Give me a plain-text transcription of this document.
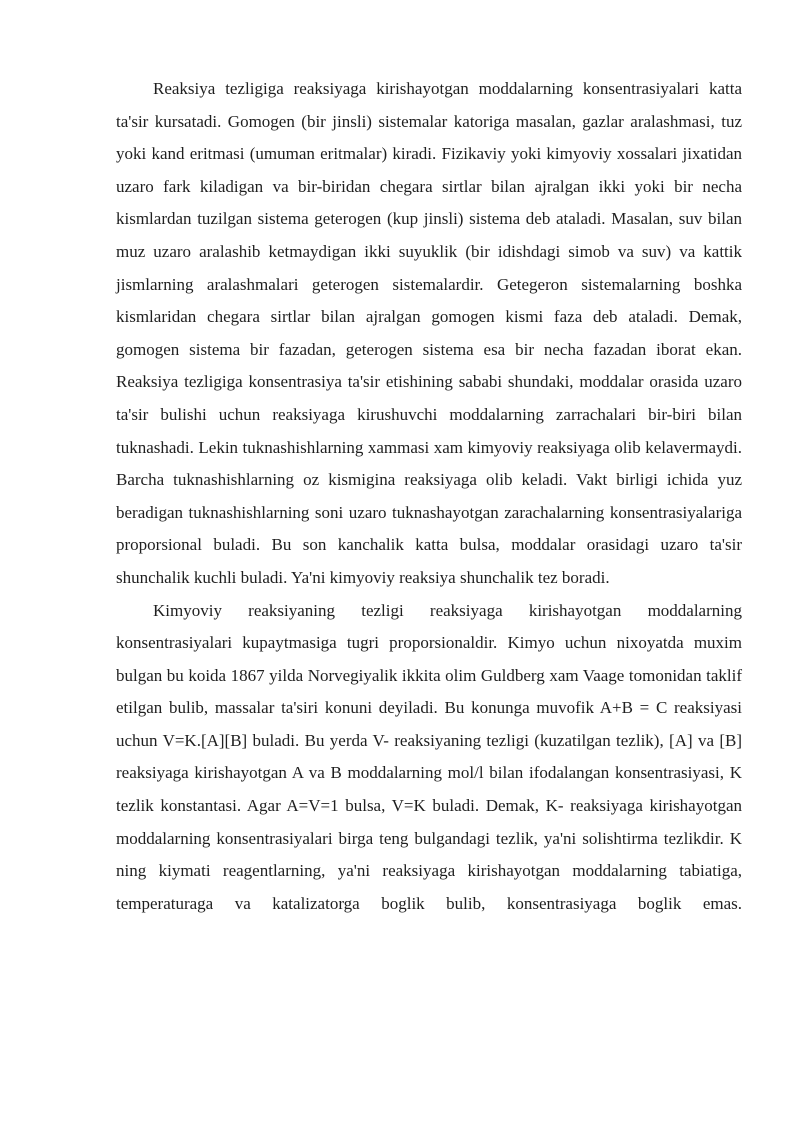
Reaksiya tezligiga reaksiyaga kirishayotgan moddalarning konsentrasiyalari katta ta'sir kursatadi. Gomogen (bir jinsli) sistemalar katoriga masalan, gazlar aralashmasi, tuz yoki kand eritmasi (umuman eritmalar) kiradi. Fizikaviy yoki kimyoviy xossalari jixatidan uzaro fark kiladigan va bir-biridan chegara sirtlar bilan ajralgan ikki yoki bir necha kismlardan tuzilgan sistema geterogen (kup jinsli) sistema deb ataladi. Masalan, suv bilan muz uzaro aralashib ketmaydigan ikki suyuklik (bir idishdagi simob va suv) va kattik jismlarning aralashmalari geterogen sistemalardir. Getegeron sistemalarning boshka kismlaridan chegara sirtlar bilan ajralgan gomogen kismi faza deb ataladi. Demak, gomogen sistema bir fazadan, geterogen sistema esa bir necha fazadan iborat ekan. Reaksiya tezligiga konsentrasiya ta'sir etishining sababi shundaki, moddalar orasida uzaro ta'sir bulishi uchun reaksiyaga kirushuvchi moddalarning zarrachalari bir-biri bilan tuknashadi. Lekin tuknashishlarning xammasi xam kimyoviy reaksiyaga olib kelavermaydi. Barcha tuknashishlarning oz kismigina reaksiyaga olib keladi. Vakt birligi ichida yuz beradigan tuknashishlarning soni uzaro tuknashayotgan zarachalarning konsentrasiyalariga proporsional buladi. Bu son kanchalik katta bulsa, moddalar orasidagi uzaro ta'sir shunchalik kuchli buladi. Ya'ni kimyoviy reaksiya shunchalik tez boradi.

Kimyoviy reaksiyaning tezligi reaksiyaga kirishayotgan moddalarning konsentrasiyalari kupaytmasiga tugri proporsionaldir. Kimyo uchun nixoyatda muxim bulgan bu koida 1867 yilda Norvegiyalik ikkita olim Guldberg xam Vaage tomonidan taklif etilgan bulib, massalar ta'siri konuni deyiladi. Bu konunga muvofik A+B = C reaksiyasi uchun V=K.[A][B] buladi. Bu yerda V- reaksiyaning tezligi (kuzatilgan tezlik), [A] va [B] reaksiyaga kirishayotgan A va B moddalarning mol/l bilan ifodalangan konsentrasiyasi, K tezlik konstantasi. Agar A=V=1 bulsa, V=K buladi. Demak, K- reaksiyaga kirishayotgan moddalarning konsentrasiyalari birga teng bulgandagi tezlik, ya'ni solishtirma tezlikdir. K ning kiymati reagentlarning, ya'ni reaksiyaga kirishayotgan moddalarning tabiatiga, temperaturaga va katalizatorga boglik bulib, konsentrasiyaga boglik emas.
